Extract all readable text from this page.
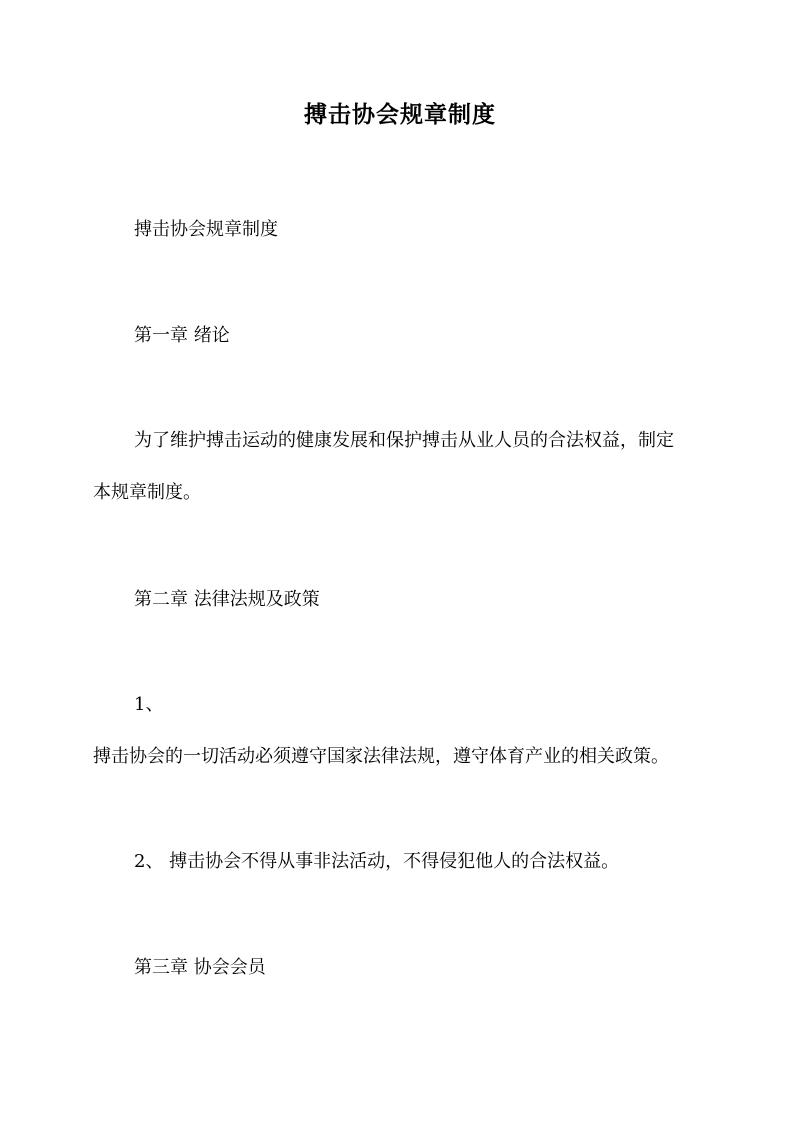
搏击协会规章制度
搏击协会规章制度
第一章 绪论
为了维护搏击运动的健康发展和保护搏击从业人员的合法权益，制定
本规章制度。
第二章 法律法规及政策
1、
搏击协会的一切活动必须遵守国家法律法规，遵守体育产业的相关政策。
2、 搏击协会不得从事非法活动，不得侵犯他人的合法权益。
第三章 协会会员
